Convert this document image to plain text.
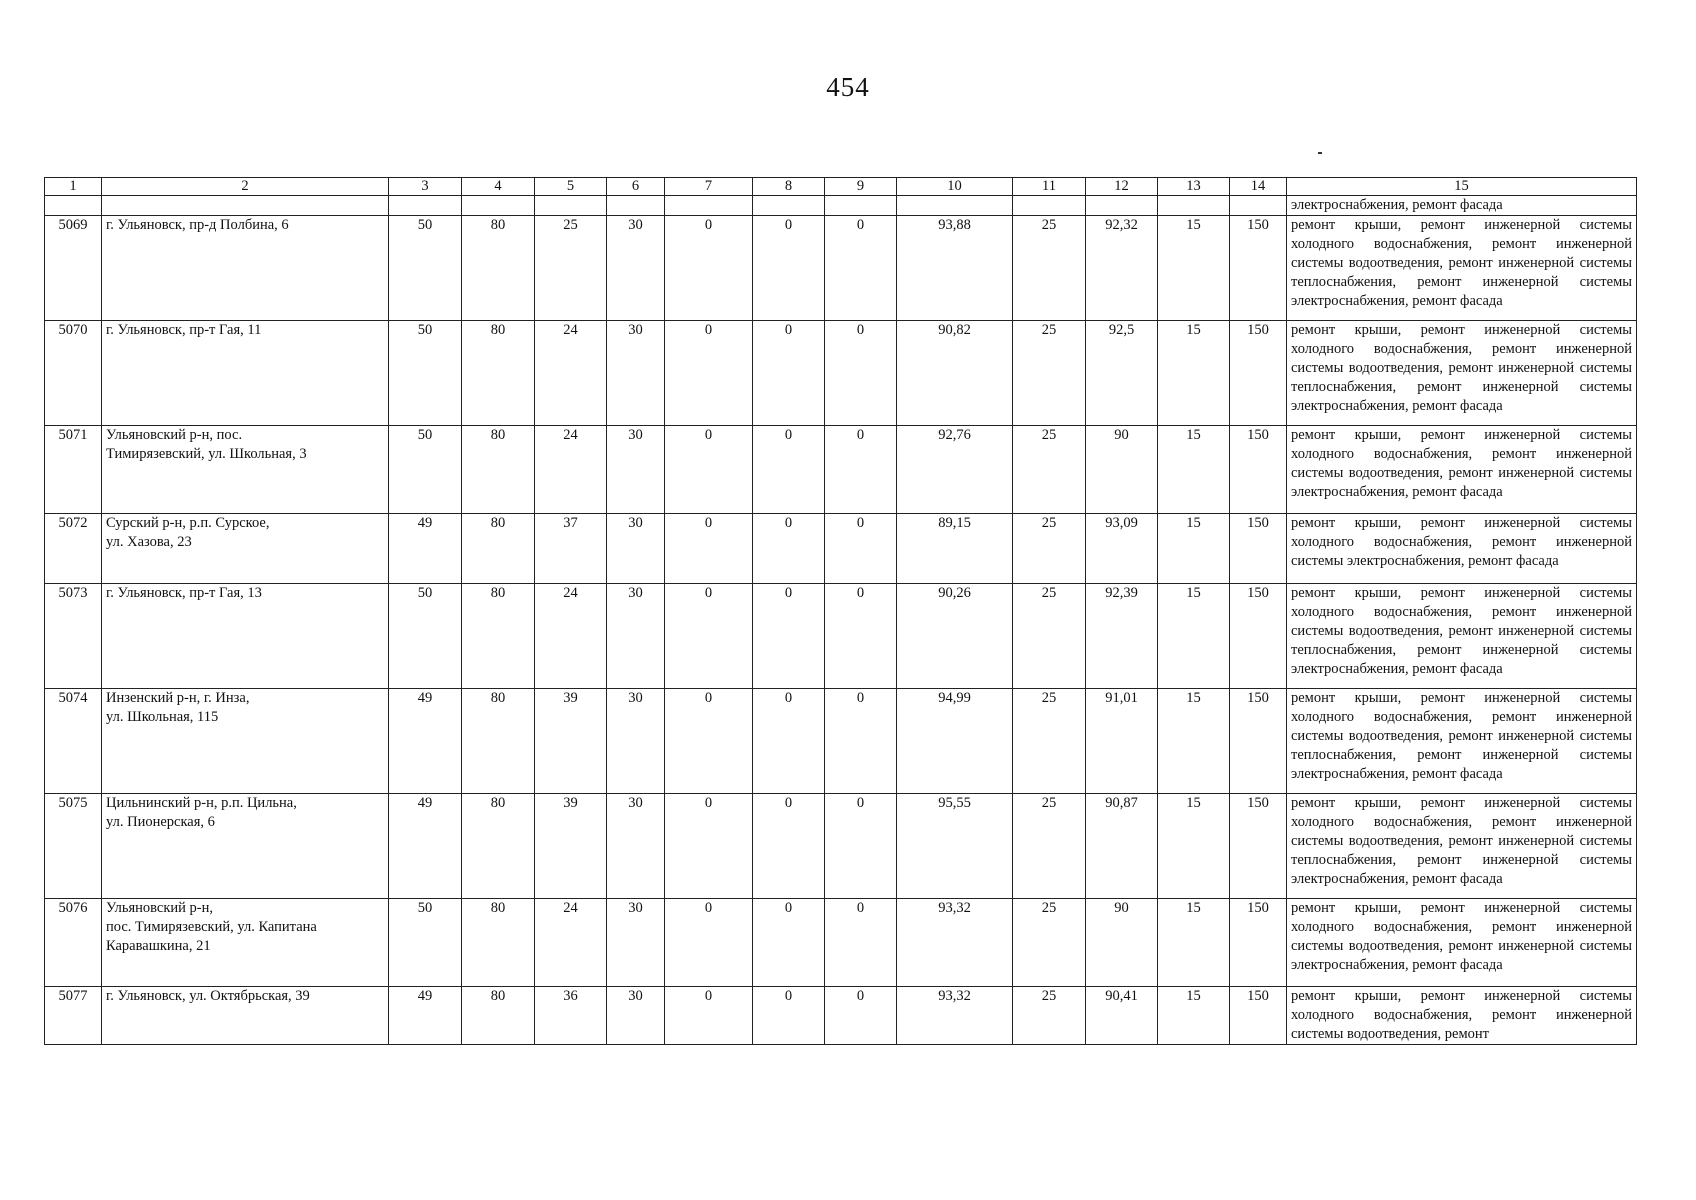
454
1	2	3	4	5	6	7	8	9	10	11	12	13	14	15
														электроснабжения, ремонт фасада
5069	г. Ульяновск, пр-д Полбина, 6	50	80	25	30	0	0	0	93,88	25	92,32	15	150	ремонт крыши, ремонт инженерной системы холодного водоснабжения, ремонт инженерной системы водоотведения, ремонт инженерной системы теплоснабжения, ремонт инженерной системы электроснабжения, ремонт фасада
5070	г. Ульяновск, пр-т Гая, 11	50	80	24	30	0	0	0	90,82	25	92,5	15	150	ремонт крыши, ремонт инженерной системы холодного водоснабжения, ремонт инженерной системы водоотведения, ремонт инженерной системы теплоснабжения, ремонт инженерной системы электроснабжения, ремонт фасада
5071	Ульяновский р-н, пос.
Тимирязевский, ул. Школьная, 3	50	80	24	30	0	0	0	92,76	25	90	15	150	ремонт крыши, ремонт инженерной системы холодного водоснабжения, ремонт инженерной системы водоотведения, ремонт инженерной системы электроснабжения, ремонт фасада
5072	Сурский р-н, р.п. Сурское,
ул. Хазова, 23	49	80	37	30	0	0	0	89,15	25	93,09	15	150	ремонт крыши, ремонт инженерной системы холодного водоснабжения, ремонт инженерной системы электроснабжения, ремонт фасада
5073	г. Ульяновск, пр-т Гая, 13	50	80	24	30	0	0	0	90,26	25	92,39	15	150	ремонт крыши, ремонт инженерной системы холодного водоснабжения, ремонт инженерной системы водоотведения, ремонт инженерной системы теплоснабжения, ремонт инженерной системы электроснабжения, ремонт фасада
5074	Инзенский р-н, г. Инза,
ул. Школьная, 115	49	80	39	30	0	0	0	94,99	25	91,01	15	150	ремонт крыши, ремонт инженерной системы холодного водоснабжения, ремонт инженерной системы водоотведения, ремонт инженерной системы теплоснабжения, ремонт инженерной системы электроснабжения, ремонт фасада
5075	Цильнинский р-н, р.п. Цильна,
ул. Пионерская, 6	49	80	39	30	0	0	0	95,55	25	90,87	15	150	ремонт крыши, ремонт инженерной системы холодного водоснабжения, ремонт инженерной системы водоотведения, ремонт инженерной системы теплоснабжения, ремонт инженерной системы электроснабжения, ремонт фасада
5076	Ульяновский р-н,
пос. Тимирязевский, ул. Капитана
Каравашкина, 21	50	80	24	30	0	0	0	93,32	25	90	15	150	ремонт крыши, ремонт инженерной системы холодного водоснабжения, ремонт инженерной системы водоотведения, ремонт инженерной системы электроснабжения, ремонт фасада
5077	г. Ульяновск, ул. Октябрьская, 39	49	80	36	30	0	0	0	93,32	25	90,41	15	150	ремонт крыши, ремонт инженерной системы холодного водоснабжения, ремонт инженерной системы водоотведения, ремонт
